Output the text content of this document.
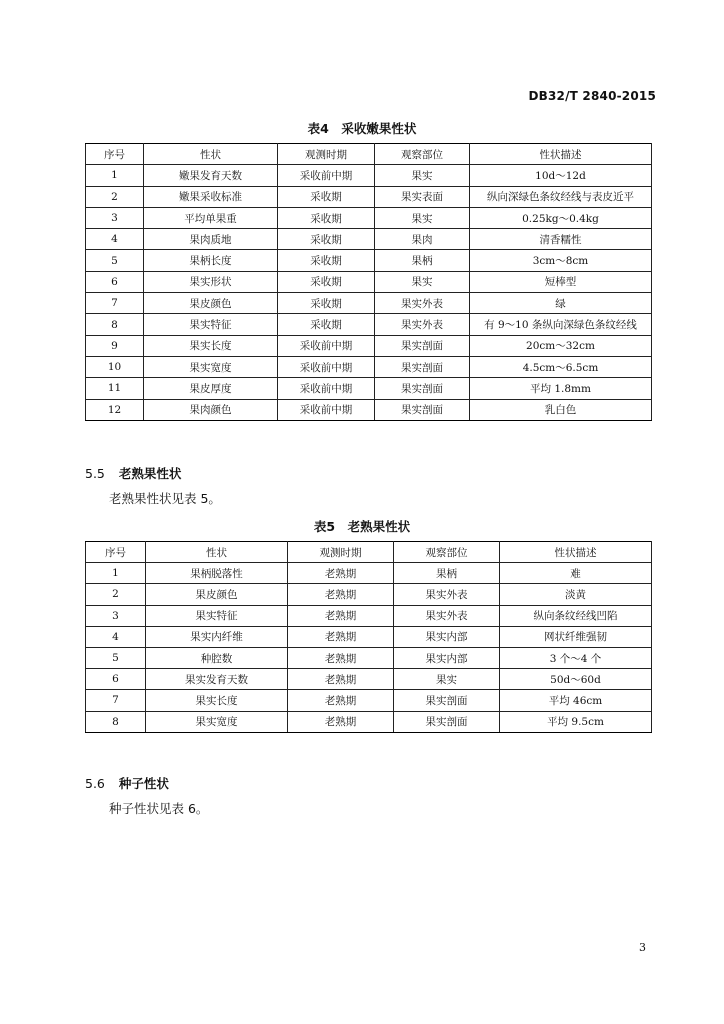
DB32/T 2840-2015
表4　采收嫩果性状
序号	性状	观测时期	观察部位	性状描述
1	嫩果发育天数	采收前中期	果实	10d～12d
2	嫩果采收标准	采收期	果实表面	纵向深绿色条纹经线与表皮近平
3	平均单果重	采收期	果实	0.25kg～0.4kg
4	果肉质地	采收期	果肉	清香糯性
5	果柄长度	采收期	果柄	3cm～8cm
6	果实形状	采收期	果实	短棒型
7	果皮颜色	采收期	果实外表	绿
8	果实特征	采收期	果实外表	有 9～10 条纵向深绿色条纹经线
9	果实长度	采收前中期	果实剖面	20cm～32cm
10	果实宽度	采收前中期	果实剖面	4.5cm～6.5cm
11	果皮厚度	采收前中期	果实剖面	平均 1.8mm
12	果肉颜色	采收前中期	果实剖面	乳白色
5.5 老熟果性状
老熟果性状见表 5。
表5　老熟果性状
序号	性状	观测时期	观察部位	性状描述
1	果柄脱落性	老熟期	果柄	难
2	果皮颜色	老熟期	果实外表	淡黄
3	果实特征	老熟期	果实外表	纵向条纹经线凹陷
4	果实内纤维	老熟期	果实内部	网状纤维强韧
5	种腔数	老熟期	果实内部	3 个～4 个
6	果实发育天数	老熟期	果实	50d～60d
7	果实长度	老熟期	果实剖面	平均 46cm
8	果实宽度	老熟期	果实剖面	平均 9.5cm
5.6 种子性状
种子性状见表 6。
3
